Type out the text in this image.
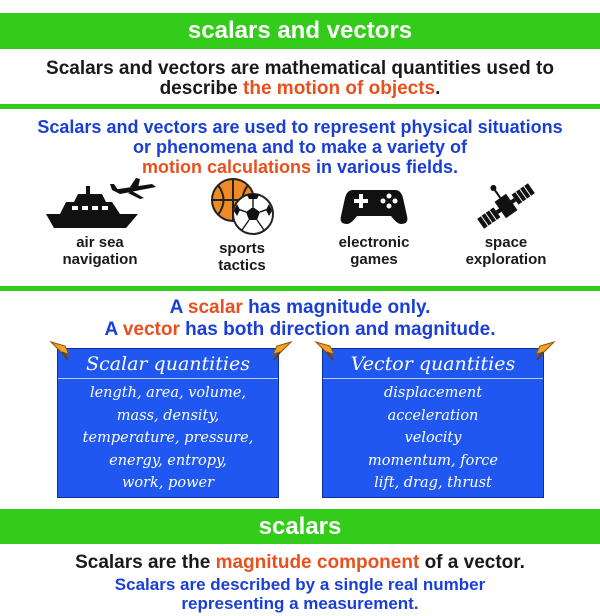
scalars and vectors
Scalars and vectors are mathematical quantities used to
describe the motion of objects.
Scalars and vectors are used to represent physical situations
or phenomena and to make a variety of
motion calculations in various fields.
air sea
navigation
sports
tactics
electronic
games
space
exploration
A scalar has magnitude only.
A vector has both direction and magnitude.
Scalar quantities
length, area, volume,
mass, density,
temperature, pressure,
energy, entropy,
work, power
Vector quantities
displacement
acceleration
velocity
momentum, force
lift, drag, thrust
scalars
Scalars are the magnitude component of a vector.
Scalars are described by a single real number
representing a measurement.
